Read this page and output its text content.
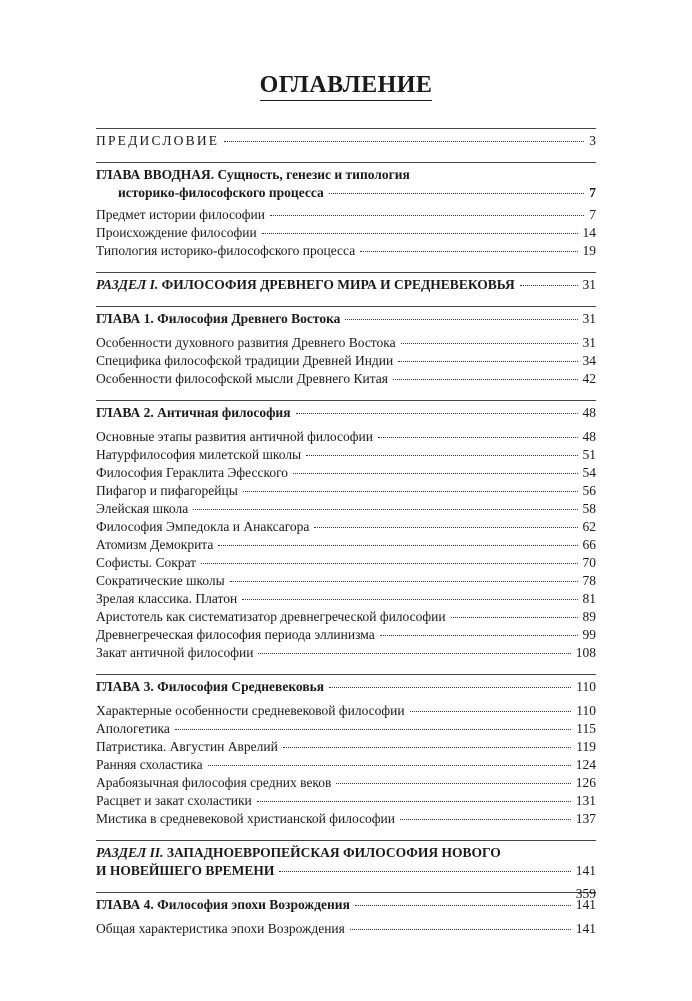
ОГЛАВЛЕНИЕ
ПРЕДИСЛОВИЕ	3
ГЛАВА ВВОДНАЯ. Сущность, генезис и типология
историко-философского процесса	7
Предмет истории философии	7
Происхождение философии	14
Типология историко-философского процесса	19
РАЗДЕЛ I. ФИЛОСОФИЯ ДРЕВНЕГО МИРА И СРЕДНЕВЕКОВЬЯ	31
ГЛАВА 1. Философия Древнего Востока	31
Особенности духовного развития Древнего Востока	31
Специфика философской традиции Древней Индии	34
Особенности философской мысли Древнего Китая	42
ГЛАВА 2. Античная философия	48
Основные этапы развития античной философии	48
Натурфилософия милетской школы	51
Философия Гераклита Эфесского	54
Пифагор и пифагорейцы	56
Элейская школа	58
Философия Эмпедокла и Анаксагора	62
Атомизм Демокрита	66
Софисты. Сократ	70
Сократические школы	78
Зрелая классика. Платон	81
Аристотель как систематизатор древнегреческой философии	89
Древнегреческая философия периода эллинизма	99
Закат античной философии	108
ГЛАВА 3. Философия Средневековья	110
Характерные особенности средневековой философии	110
Апологетика	115
Патристика. Августин Аврелий	119
Ранняя схоластика	124
Арабоязычная философия средних веков	126
Расцвет и закат схоластики	131
Мистика в средневековой христианской философии	137
РАЗДЕЛ II. ЗАПАДНОЕВРОПЕЙСКАЯ ФИЛОСОФИЯ НОВОГО
И НОВЕЙШЕГО ВРЕМЕНИ	141
ГЛАВА 4. Философия эпохи Возрождения	141
Общая характеристика эпохи Возрождения	141
359
